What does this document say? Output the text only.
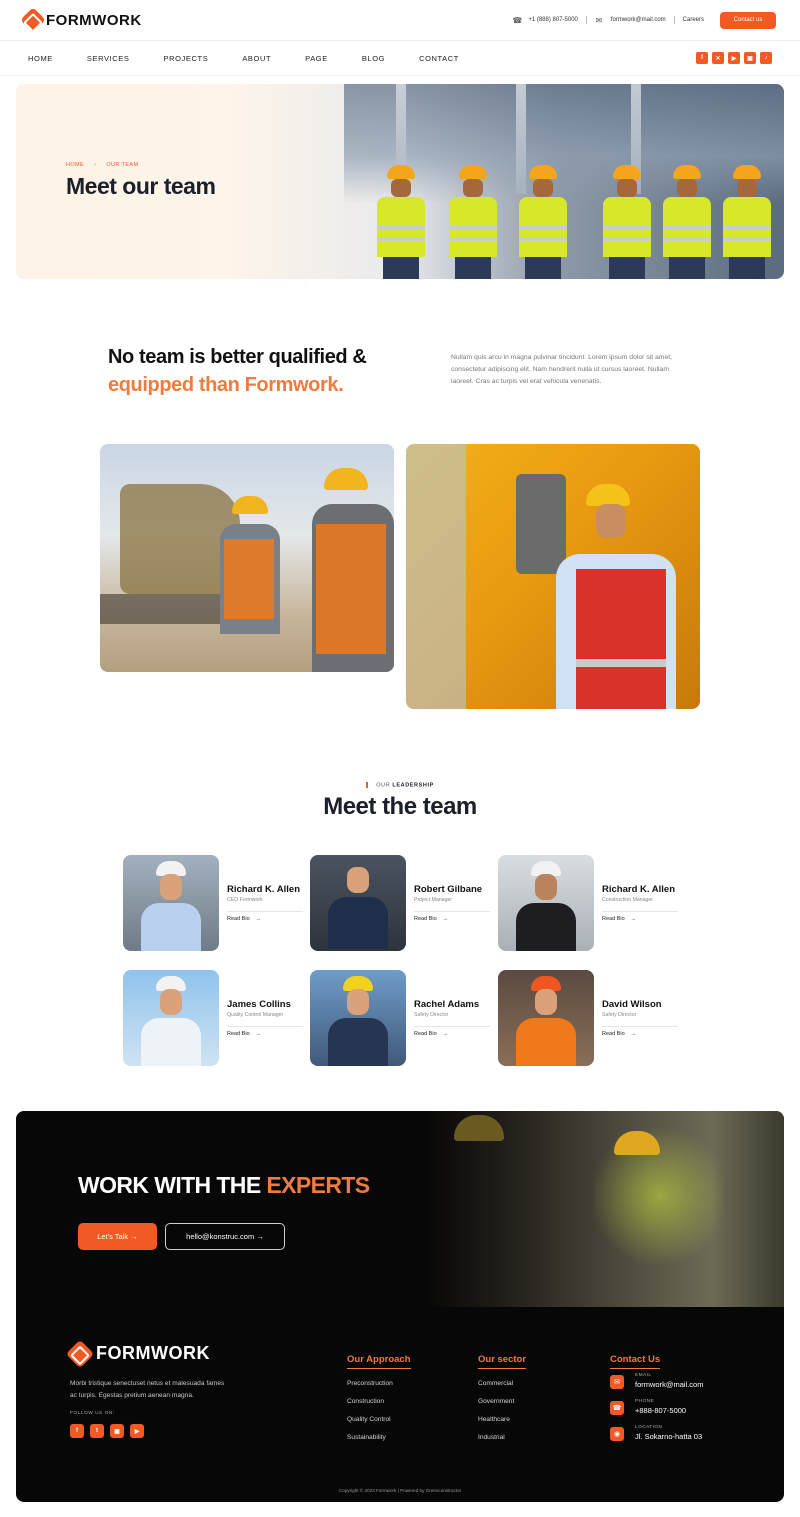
FORMWORK	☎ +1 (888) 807-5000 ✉ formwork@mail.com	Careers	Contact us
HOME	SERVICES	PROJECTS	ABOUT	PAGE	BLOG	CONTACT	f	✕	▶	▣	♪
HOME › OUR TEAM
Meet our team
No team is better qualified &
equipped than Formwork.

Nullam quis arcu in magna pulvinar tincidunt. Lorem ipsum dolor sit amet, consectetur adipiscing elit. Nam hendrerit nulla ut cursus laoreet. Nullam laoreet. Cras ac turpis vel erat vehicula venenatis.

OUR LEADERSHIP
Meet the team
Richard K. Allen
CEO Formwork
Read Bio →
Robert Gilbane
Project Manager
Read Bio →
Richard K. Allen
Construction Manager
Read Bio →
James Collins
Quality Control Manager
Read Bio →
Rachel Adams
Safety Director
Read Bio →
David Wilson
Safety Director
Read Bio →
WORK WITH THE EXPERTS
Let's Talk →	hello@konstruc.com →
FORMWORK

Morbi tristique senectuset netus et malesuada fames ac turpis. Egestas pretium aenean magna.

FOLLOW US ON:
f	t	▣	▶
Our Approach
Preconstruction
Construction
Quality Control
Sustainability
Our sector
Commercial
Government
Healthcare
Industrial
Contact Us
✉
EMAIL
formwork@mail.com
☎
PHONE
+888-807-5000
◉
LOCATION
Jl. Sokarno-hatta 03
Copyright © 2023 Formwork | Powered by Greenconstructor
